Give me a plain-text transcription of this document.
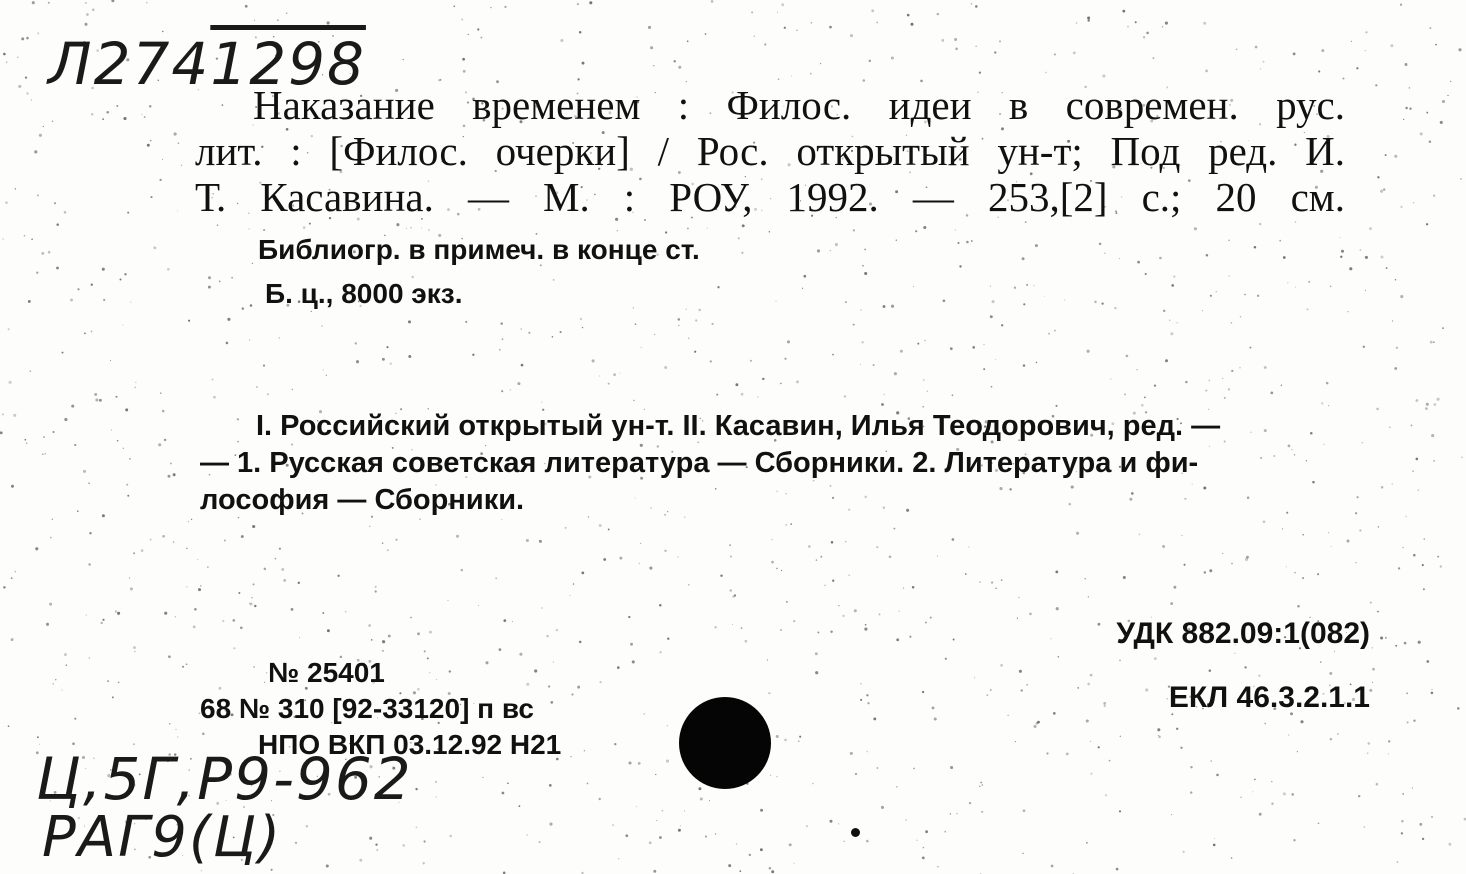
Л2741298

Наказание временем : Филос. идеи в современ. рус.

лит. : [Филос. очерки] / Рос. открытый ун-т; Под ред. И.

Т. Касавина. — М. : РОУ, 1992. — 253,[2] с.; 20 см.

Библиогр. в примеч. в конце ст.

Б. ц., 8000 экз.

I. Российский открытый ун-т. II. Касавин, Илья Теодорович, ред. —

— 1. Русская советская литература — Сборники. 2. Литература и фи-

лософия — Сборники.

№ 25401

68 № 310 [92-33120] п вс

НПО ВКП 03.12.92 Н21

УДК 882.09:1(082)

ЕКЛ 46.3.2.1.1

Ц,5Г,Р9-962
РАГ9(Ц)
